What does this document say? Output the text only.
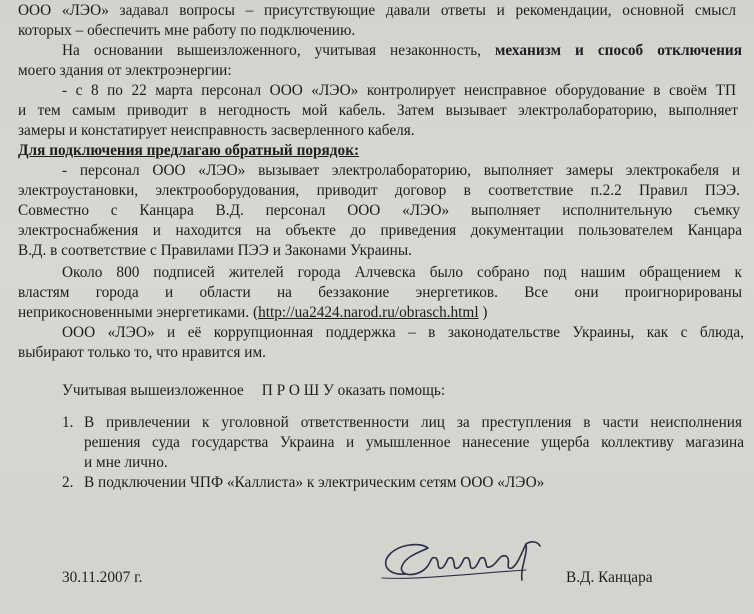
ООО «ЛЭО» задавал вопросы – присутствующие давали ответы и рекомендации, основной смысл
которых – обеспечить мне работу по подключению.
На основании вышеизложенного, учитывая незаконность, механизм и способ отключения
моего здания от электроэнергии:
- с 8 по 22 марта персонал ООО «ЛЭО» контролирует неисправное оборудование в своём ТП
и тем самым приводит в негодность мой кабель. Затем вызывает электролабораторию, выполняет
замеры и констатирует неисправность засверленного кабеля.
Для подключения предлагаю обратный порядок:
- персонал ООО «ЛЭО» вызывает электролабораторию, выполняет замеры электрокабеля и
электроустановки, электрооборудования, приводит договор в соответствие п.2.2 Правил ПЭЭ.
Совместно с Канцара В.Д. персонал ООО «ЛЭО» выполняет исполнительную съемку
электроснабжения и находится на объекте до приведения документации пользователем Канцара
В.Д. в соответствие с Правилами ПЭЭ и Законами Украины.
Около 800 подписей жителей города Алчевска было собрано под нашим обращением к
властям города и области на беззаконие энергетиков. Все они проигнорированы
неприкосновенными энергетиками. (http://ua2424.narod.ru/obrasch.html )
ООО «ЛЭО» и её коррупционная поддержка – в законодательстве Украины, как с блюда,
выбирают только то, что нравится им.
Учитывая вышеизложенное П Р О Ш У оказать помощь:
1. В привлечении к уголовной ответственности лиц за преступления в части неисполнения
решения суда государства Украина и умышленное нанесение ущерба коллективу магазина
и мне лично.
2. В подключении ЧПФ «Каллиста» к электрическим сетям ООО «ЛЭО»
30.11.2007 г.	В.Д. Канцара
